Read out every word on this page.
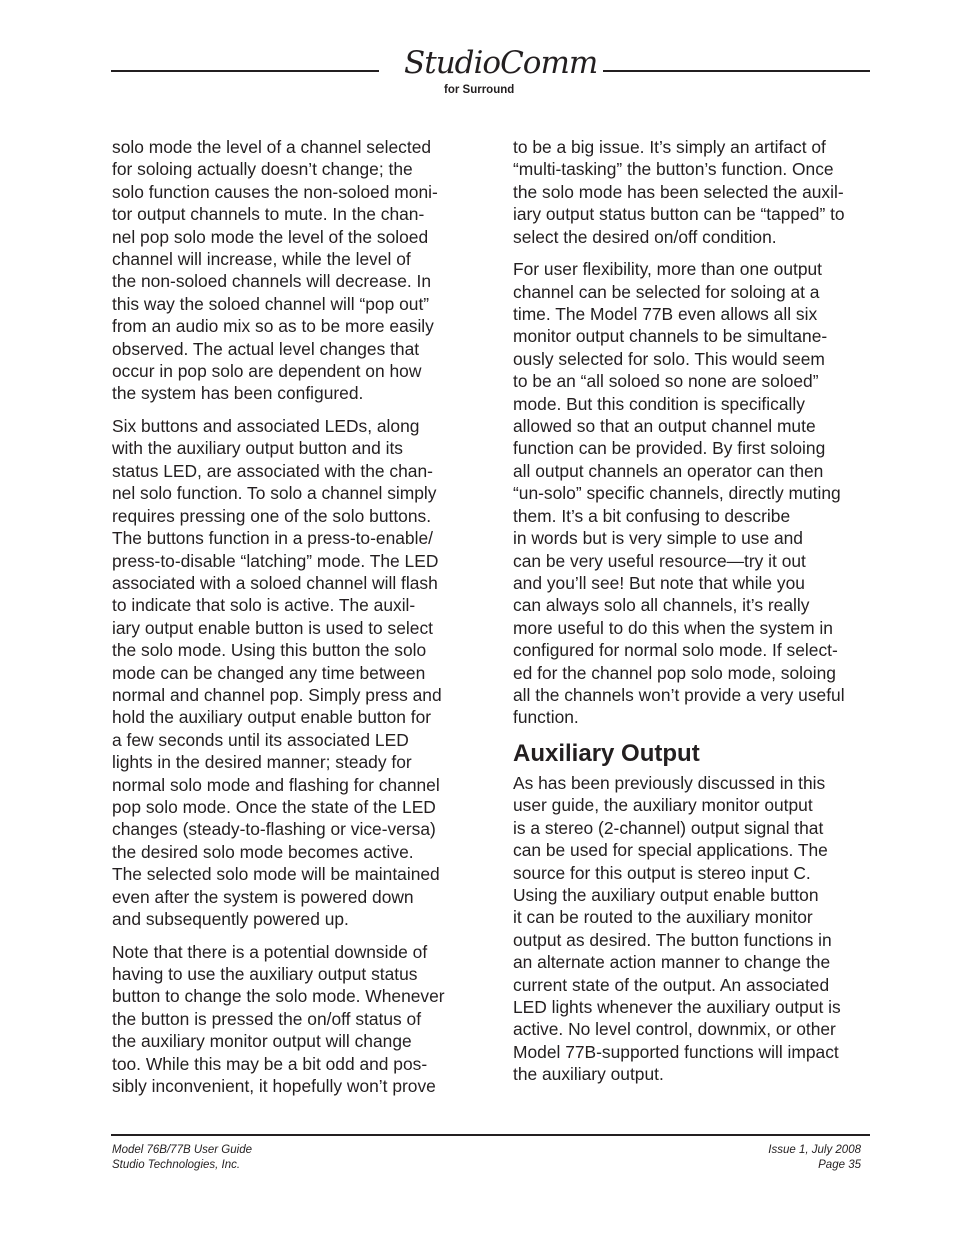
StudioComm
for Surround

solo mode the level of a channel selected
for soloing actually doesn’t change; the
solo function causes the non-soloed moni-
tor output channels to mute. In the chan-
nel pop solo mode the level of the soloed
channel will increase, while the level of
the non-soloed channels will decrease. In
this way the soloed channel will “pop out”
from an audio mix so as to be more easily
observed. The actual level changes that
occur in pop solo are dependent on how
the system has been configured.

Six buttons and associated LEDs, along
with the auxiliary output button and its
status LED, are associated with the chan-
nel solo function. To solo a channel simply
requires pressing one of the solo buttons.
The buttons function in a press-to-enable/
press-to-disable “latching” mode. The LED
associated with a soloed channel will flash
to indicate that solo is active. The auxil-
iary output enable button is used to select
the solo mode. Using this button the solo
mode can be changed any time between
normal and channel pop. Simply press and
hold the auxiliary output enable button for
a few seconds until its associated LED
lights in the desired manner; steady for
normal solo mode and flashing for channel
pop solo mode. Once the state of the LED
changes (steady-to-flashing or vice-versa)
the desired solo mode becomes active.
The selected solo mode will be maintained
even after the system is powered down
and subsequently powered up.

Note that there is a potential downside of
having to use the auxiliary output status
button to change the solo mode. Whenever
the button is pressed the on/off status of
the auxiliary monitor output will change
too. While this may be a bit odd and pos-
sibly inconvenient, it hopefully won’t prove

to be a big issue. It’s simply an artifact of
“multi-tasking” the button’s function. Once
the solo mode has been selected the auxil-
iary output status button can be “tapped” to
select the desired on/off condition.

For user flexibility, more than one output
channel can be selected for soloing at a
time. The Model 77B even allows all six
monitor output channels to be simultane-
ously selected for solo. This would seem
to be an “all soloed so none are soloed”
mode. But this condition is specifically
allowed so that an output channel mute
function can be provided. By first soloing
all output channels an operator can then
“un-solo” specific channels, directly muting
them. It’s a bit confusing to describe
in words but is very simple to use and
can be very useful resource—try it out
and you’ll see! But note that while you
can always solo all channels, it’s really
more useful to do this when the system in
configured for normal solo mode. If select-
ed for the channel pop solo mode, soloing
all the channels won’t provide a very useful
function.

Auxiliary Output

As has been previously discussed in this
user guide, the auxiliary monitor output
is a stereo (2-channel) output signal that
can be used for special applications. The
source for this output is stereo input C.
Using the auxiliary output enable button
it can be routed to the auxiliary monitor
output as desired. The button functions in
an alternate action manner to change the
current state of the output. An associated
LED lights whenever the auxiliary output is
active. No level control, downmix, or other
Model 77B-supported functions will impact
the auxiliary output.

Model 76B/77B User Guide
Studio Technologies, Inc.
Issue 1, July 2008
Page 35
